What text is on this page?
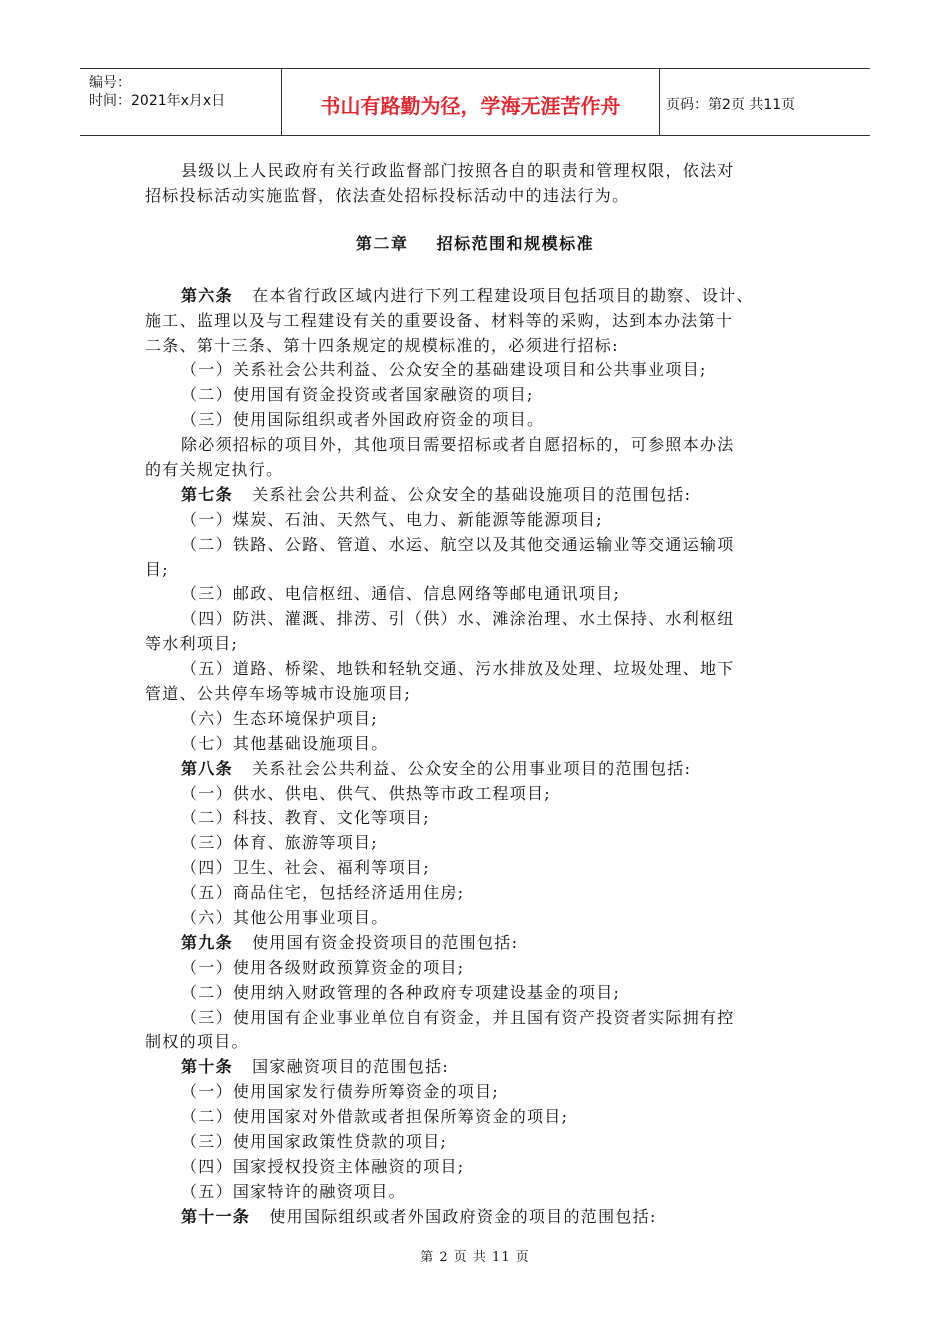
编号：
时间：2021年x月x日	书山有路勤为径，学海无涯苦作舟	页码：第2页 共11页
县级以上人民政府有关行政监督部门按照各自的职责和管理权限，依法对
招标投标活动实施监督，依法查处招标投标活动中的违法行为。
第二章    招标范围和规模标准
第六条 在本省行政区域内进行下列工程建设项目包括项目的勘察、设计、
施工、监理以及与工程建设有关的重要设备、材料等的采购，达到本办法第十
二条、第十三条、第十四条规定的规模标准的，必须进行招标:
（一）关系社会公共利益、公众安全的基础建设项目和公共事业项目;
（二）使用国有资金投资或者国家融资的项目;
（三）使用国际组织或者外国政府资金的项目。
除必须招标的项目外，其他项目需要招标或者自愿招标的，可参照本办法
的有关规定执行。
第七条 关系社会公共利益、公众安全的基础设施项目的范围包括:
（一）煤炭、石油、天然气、电力、新能源等能源项目;
（二）铁路、公路、管道、水运、航空以及其他交通运输业等交通运输项
目;
（三）邮政、电信枢纽、通信、信息网络等邮电通讯项目;
（四）防洪、灌溉、排涝、引（供）水、滩涂治理、水土保持、水利枢纽
等水利项目;
（五）道路、桥梁、地铁和轻轨交通、污水排放及处理、垃圾处理、地下
管道、公共停车场等城市设施项目;
（六）生态环境保护项目;
（七）其他基础设施项目。
第八条 关系社会公共利益、公众安全的公用事业项目的范围包括:
（一）供水、供电、供气、供热等市政工程项目;
（二）科技、教育、文化等项目;
（三）体育、旅游等项目;
（四）卫生、社会、福利等项目;
（五）商品住宅，包括经济适用住房;
（六）其他公用事业项目。
第九条 使用国有资金投资项目的范围包括:
（一）使用各级财政预算资金的项目;
（二）使用纳入财政管理的各种政府专项建设基金的项目;
（三）使用国有企业事业单位自有资金，并且国有资产投资者实际拥有控
制权的项目。
第十条 国家融资项目的范围包括:
（一）使用国家发行债券所筹资金的项目;
（二）使用国家对外借款或者担保所筹资金的项目;
（三）使用国家政策性贷款的项目;
（四）国家授权投资主体融资的项目;
（五）国家特许的融资项目。
第十一条 使用国际组织或者外国政府资金的项目的范围包括:
第 2 页 共 11 页
